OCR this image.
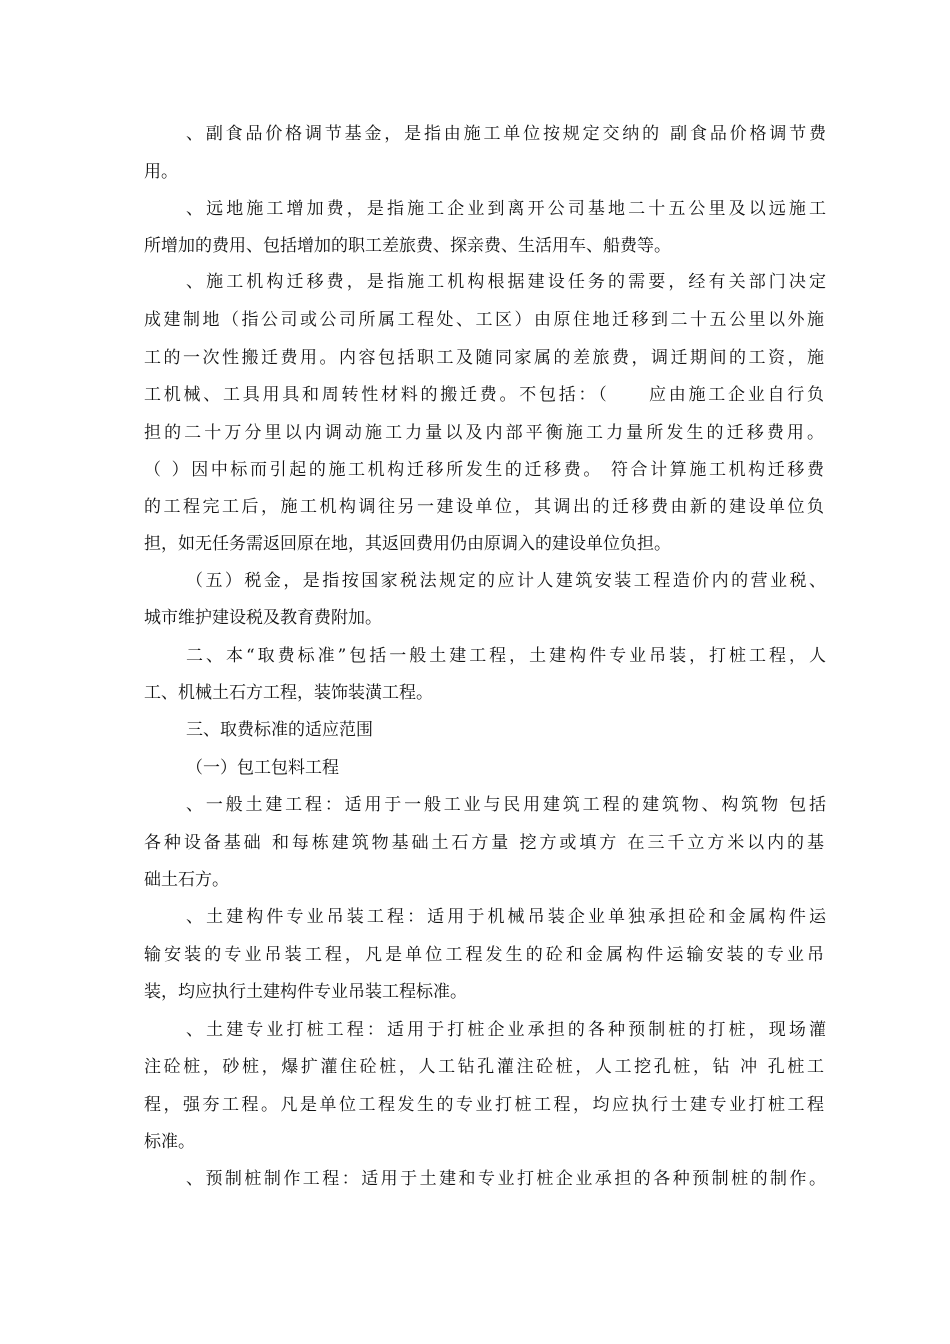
、副食品价格调节基金，是指由施工单位按规定交纳的 副食品价格调节费
用。
、远地施工增加费，是指施工企业到离开公司基地二十五公里及以远施工
所增加的费用、包括增加的职工差旅费、探亲费、生活用车、船费等。
、施工机构迁移费，是指施工机构根据建设任务的需要，经有关部门决定
成建制地（指公司或公司所属工程处、工区）由原住地迁移到二十五公里以外施
工的一次性搬迁费用。内容包括职工及随同家属的差旅费，调迁期间的工资，施
工机械、工具用具和周转性材料的搬迁费。不包括：（　　应由施工企业自行负
担的二十万分里以内调动施工力量以及内部平衡施工力量所发生的迁移费用。
（ ）因中标而引起的施工机构迁移所发生的迁移费。 符合计算施工机构迁移费
的工程完工后，施工机构调往另一建设单位，其调出的迁移费由新的建设单位负
担，如无任务需返回原在地，其返回费用仍由原调入的建设单位负担。
（五）税金，是指按国家税法规定的应计人建筑安装工程造价内的营业税、
城市维护建设税及教育费附加。
二、本“取费标准”包括一般土建工程，土建构件专业吊装，打桩工程，人
工、机械土石方工程，装饰装潢工程。
三、取费标准的适应范围
（一）包工包料工程
、一般土建工程：适用于一般工业与民用建筑工程的建筑物、构筑物 包括
各种设备基础 和每栋建筑物基础土石方量 挖方或填方 在三千立方米以内的基
础土石方。
、土建构件专业吊装工程：适用于机械吊装企业单独承担砼和金属构件运
输安装的专业吊装工程，凡是单位工程发生的砼和金属构件运输安装的专业吊
装，均应执行土建构件专业吊装工程标准。
、土建专业打桩工程：适用于打桩企业承担的各种预制桩的打桩，现场灌
注砼桩，砂桩，爆扩灌住砼桩，人工钻孔灌注砼桩，人工挖孔桩，钻 冲 孔桩工
程，强夯工程。凡是单位工程发生的专业打桩工程，均应执行士建专业打桩工程
标准。
、预制桩制作工程：适用于土建和专业打桩企业承担的各种预制桩的制作。
